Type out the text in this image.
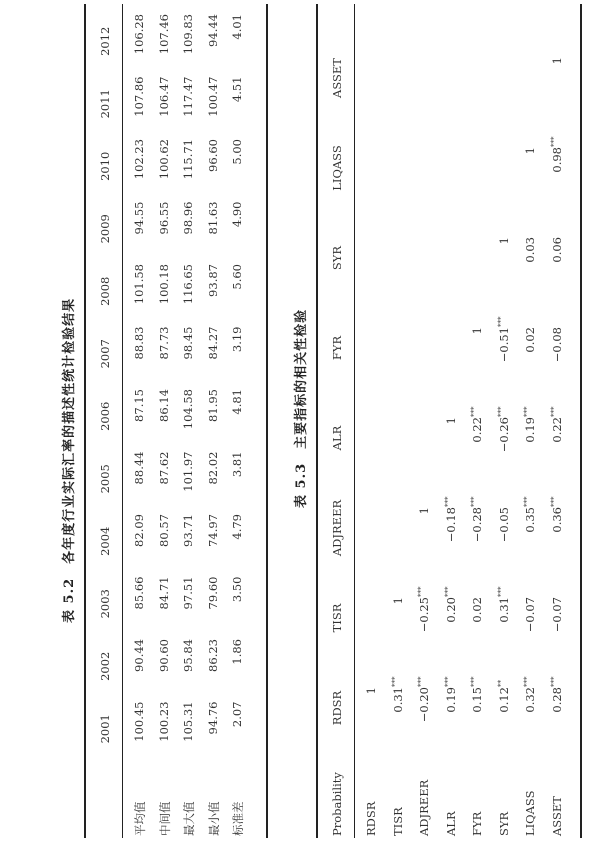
表 5.2各年度行业实际汇率的描述性统计检验结果
2001
2002
2003
2004
2005
2006
2007
2008
2009
2010
2011
2012
平均值
100.45
90.44
85.66
82.09
88.44
87.15
88.83
101.58
94.55
102.23
107.86
106.28
中间值
100.23
90.60
84.71
80.57
87.62
86.14
87.73
100.18
96.55
100.62
106.47
107.46
最大值
105.31
95.84
97.51
93.71
101.97
104.58
98.45
116.65
98.96
115.71
117.47
109.83
最小值
94.76
86.23
79.60
74.97
82.02
81.95
84.27
93.87
81.63
96.60
100.47
94.44
标准差
2.07
1.86
3.50
4.79
3.81
4.81
3.19
5.60
4.90
5.00
4.51
4.01
表 5.3主要指标的相关性检验
Probability
RDSR
TISR
ADJREER
ALR
FYR
SYR
LIQASS
ASSET
RDSR
1
TISR
0.31***
1
ADJREER
−0.20***
−0.25***
1
ALR
0.19***
0.20***
−0.18***
1
FYR
0.15***
0.02
−0.28***
0.22***
1
SYR
0.12**
0.31***
−0.05
−0.26***
−0.51***
1
LIQASS
0.32***
−0.07
0.35***
0.19***
0.02
0.03
1
ASSET
0.28***
−0.07
0.36***
0.22***
−0.08
0.06
0.98***
1
